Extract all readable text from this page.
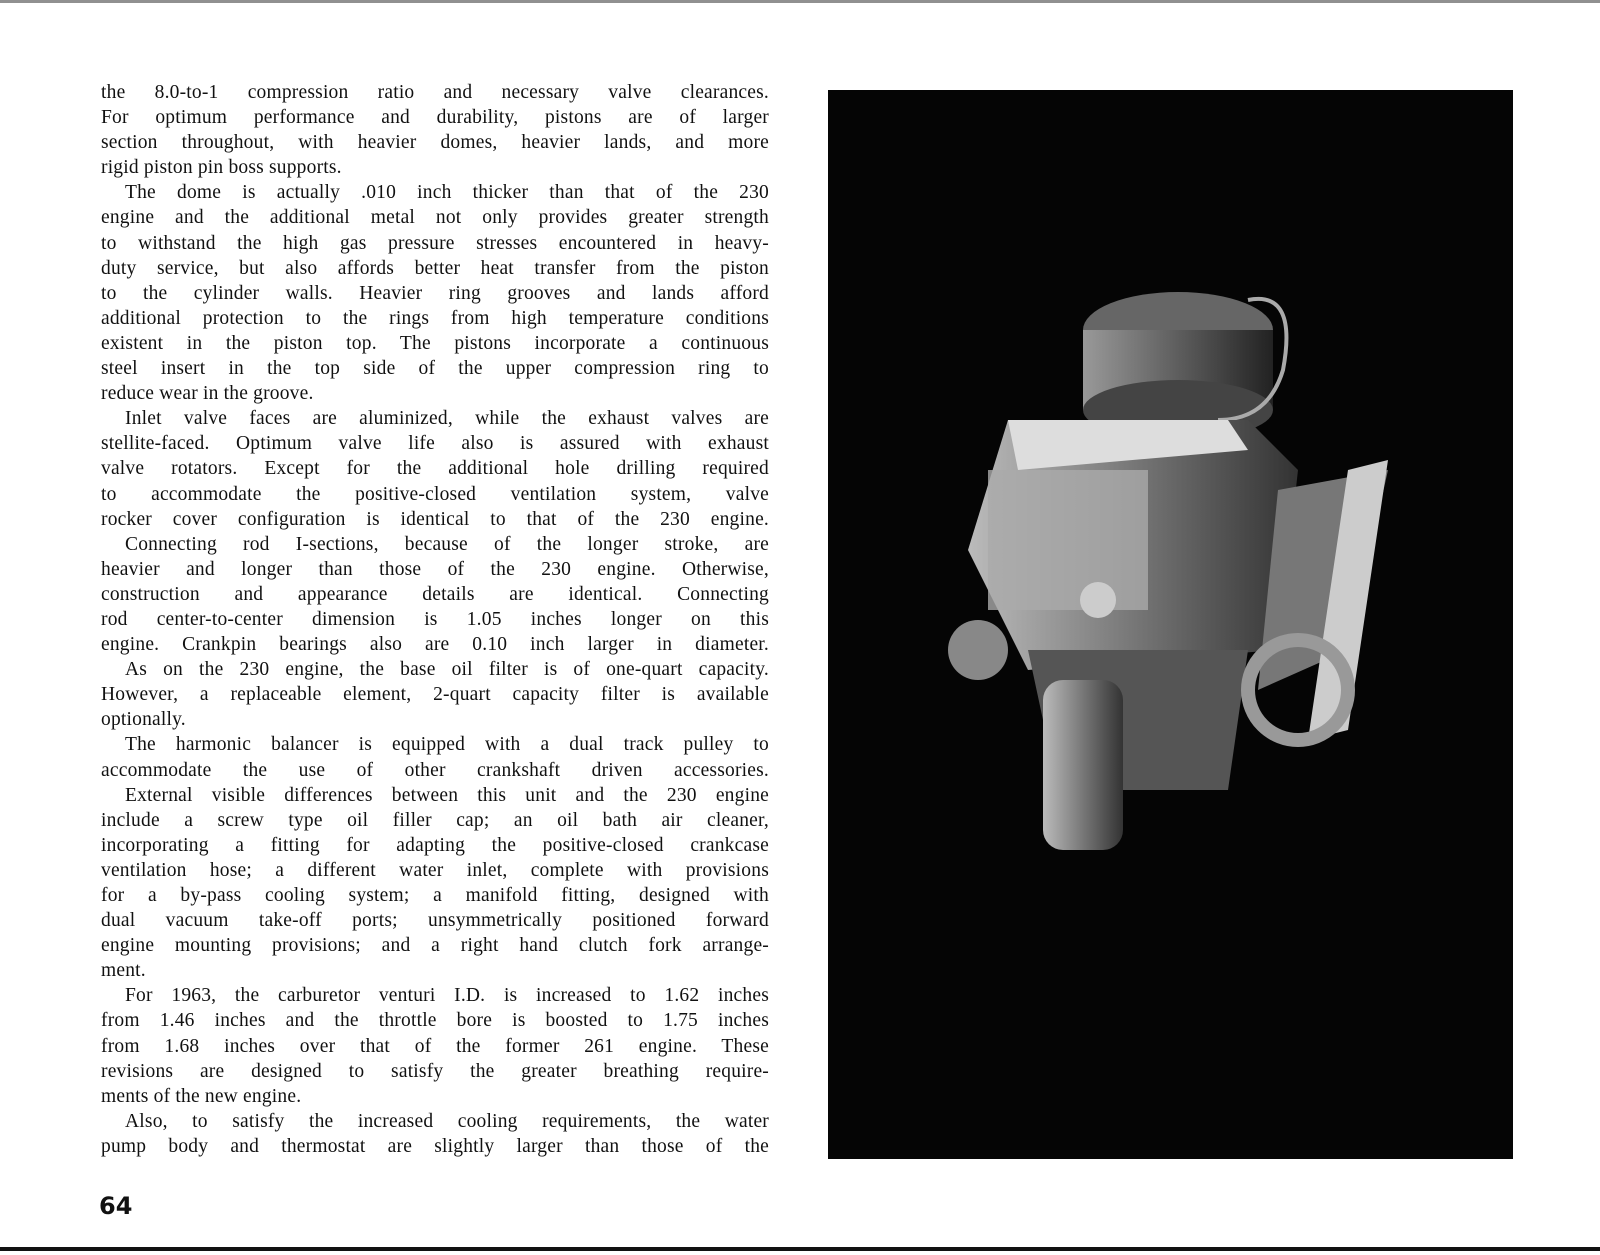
the 8.0-to-1 compression ratio and necessary valve clearances.
For optimum performance and durability, pistons are of larger
section throughout, with heavier domes, heavier lands, and more
rigid piston pin boss supports.
The dome is actually .010 inch thicker than that of the 230
engine and the additional metal not only provides greater strength
to withstand the high gas pressure stresses encountered in heavy-
duty service, but also affords better heat transfer from the piston
to the cylinder walls. Heavier ring grooves and lands afford
additional protection to the rings from high temperature conditions
existent in the piston top. The pistons incorporate a continuous
steel insert in the top side of the upper compression ring to
reduce wear in the groove.
Inlet valve faces are aluminized, while the exhaust valves are
stellite-faced. Optimum valve life also is assured with exhaust
valve rotators. Except for the additional hole drilling required
to accommodate the positive-closed ventilation system, valve
rocker cover configuration is identical to that of the 230 engine.
Connecting rod I-sections, because of the longer stroke, are
heavier and longer than those of the 230 engine. Otherwise,
construction and appearance details are identical. Connecting
rod center-to-center dimension is 1.05 inches longer on this
engine. Crankpin bearings also are 0.10 inch larger in diameter.
As on the 230 engine, the base oil filter is of one-quart capacity.
However, a replaceable element, 2-quart capacity filter is available
optionally.
The harmonic balancer is equipped with a dual track pulley to
accommodate the use of other crankshaft driven accessories.
External visible differences between this unit and the 230 engine
include a screw type oil filler cap; an oil bath air cleaner,
incorporating a fitting for adapting the positive-closed crankcase
ventilation hose; a different water inlet, complete with provisions
for a by-pass cooling system; a manifold fitting, designed with
dual vacuum take-off ports; unsymmetrically positioned forward
engine mounting provisions; and a right hand clutch fork arrange-
ment.
For 1963, the carburetor venturi I.D. is increased to 1.62 inches
from 1.46 inches and the throttle bore is boosted to 1.75 inches
from 1.68 inches over that of the former 261 engine. These
revisions are designed to satisfy the greater breathing require-
ments of the new engine.
Also, to satisfy the increased cooling requirements, the water
pump body and thermostat are slightly larger than those of the
64
